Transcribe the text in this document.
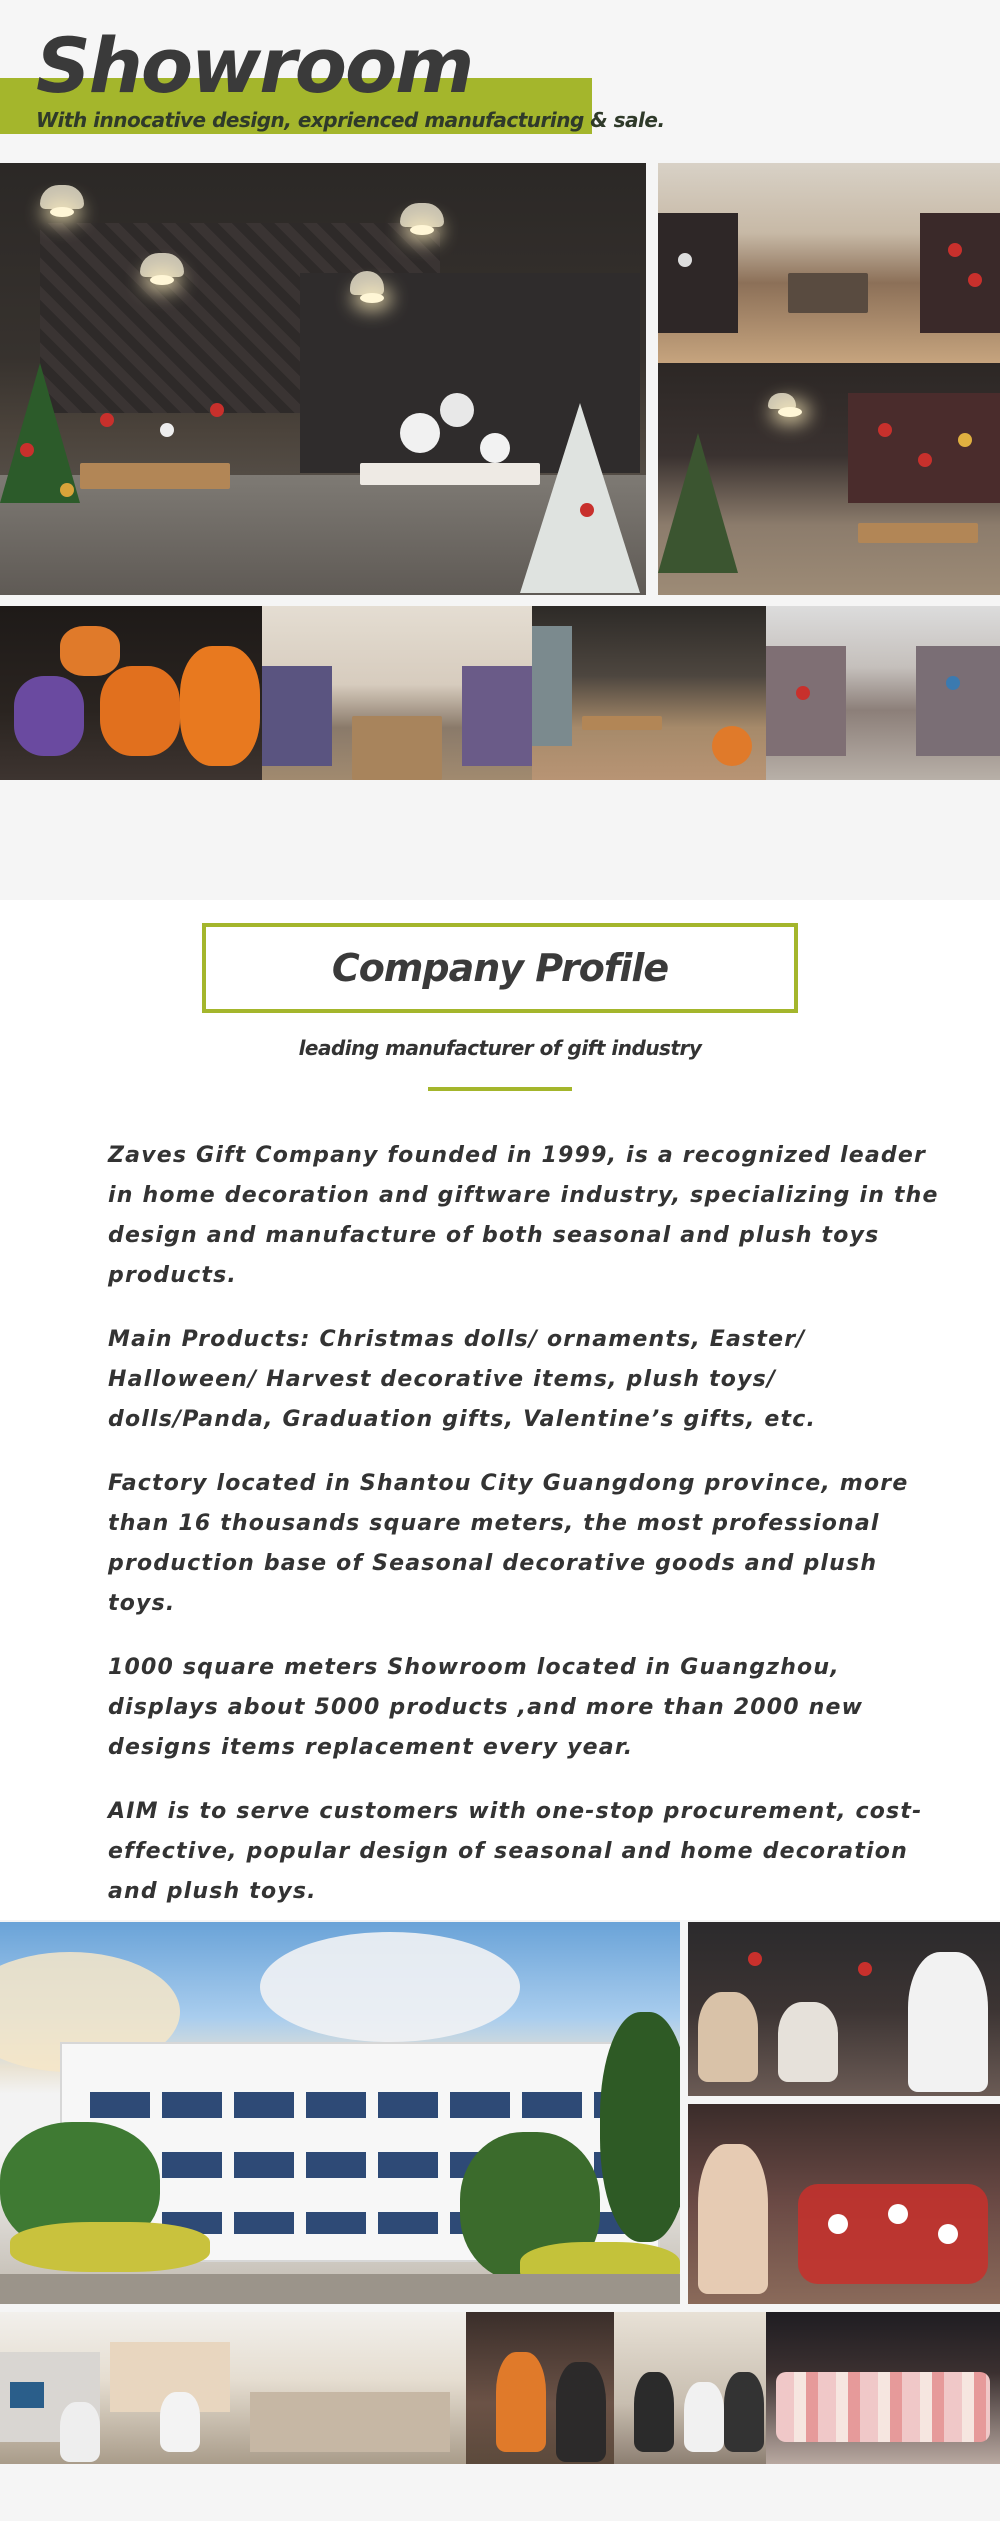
Showroom
With innocative design, exprienced manufacturing & sale.
Company Profile
leading manufacturer of gift industry

Zaves Gift Company founded in 1999, is a recognized leader in home decoration and giftware industry, specializing in the design and manufacture of both seasonal and plush toys products.

Main Products: Christmas dolls/ ornaments, Easter/ Halloween/ Harvest decorative items, plush toys/ dolls/Panda, Graduation gifts, Valentine’s gifts, etc.

Factory located in Shantou City Guangdong province, more than 16 thousands square meters, the most professional production base of Seasonal decorative goods and plush toys.

1000 square meters Showroom located in Guangzhou, displays about 5000 products ,and more than 2000 new designs items replacement every year.

AIM is to serve customers with one-stop procurement, cost-effective, popular design of seasonal and home decoration and plush toys.
